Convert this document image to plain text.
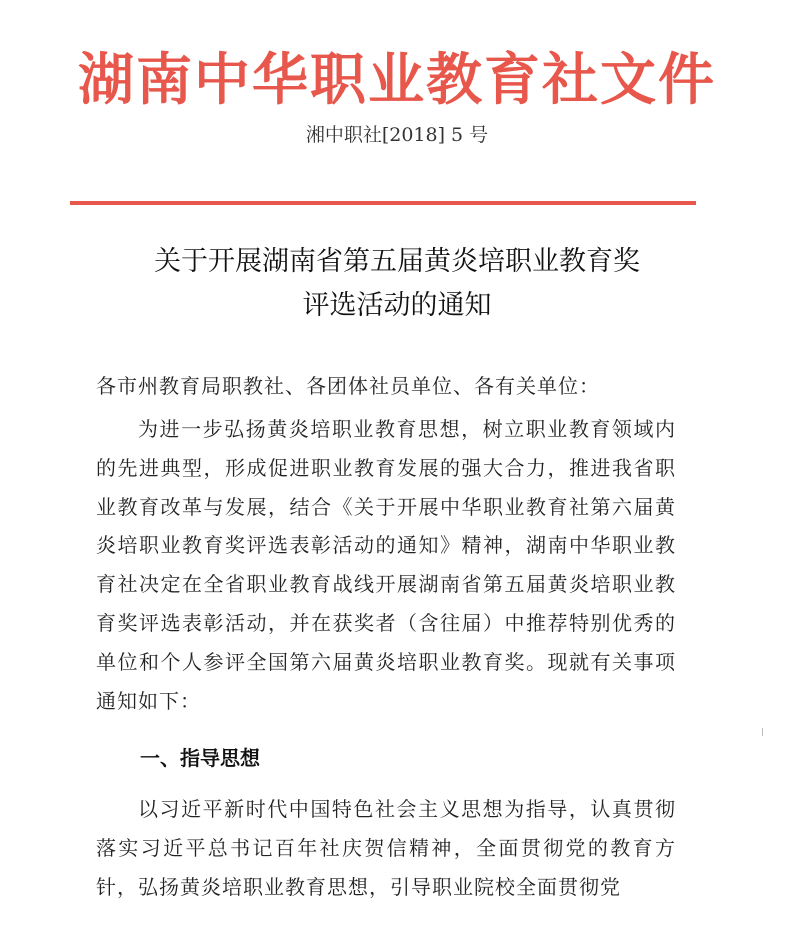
湖南中华职业教育社文件
湘中职社[2018] 5 号
关于开展湖南省第五届黄炎培职业教育奖
评选活动的通知
各市州教育局职教社、各团体社员单位、各有关单位：

为进一步弘扬黄炎培职业教育思想，树立职业教育领域内的先进典型，形成促进职业教育发展的强大合力，推进我省职业教育改革与发展，结合《关于开展中华职业教育社第六届黄炎培职业教育奖评选表彰活动的通知》精神，湖南中华职业教育社决定在全省职业教育战线开展湖南省第五届黄炎培职业教育奖评选表彰活动，并在获奖者（含往届）中推荐特别优秀的单位和个人参评全国第六届黄炎培职业教育奖。现就有关事项通知如下：

一、指导思想

以习近平新时代中国特色社会主义思想为指导，认真贯彻落实习近平总书记百年社庆贺信精神，全面贯彻党的教育方针，弘扬黄炎培职业教育思想，引导职业院校全面贯彻党
